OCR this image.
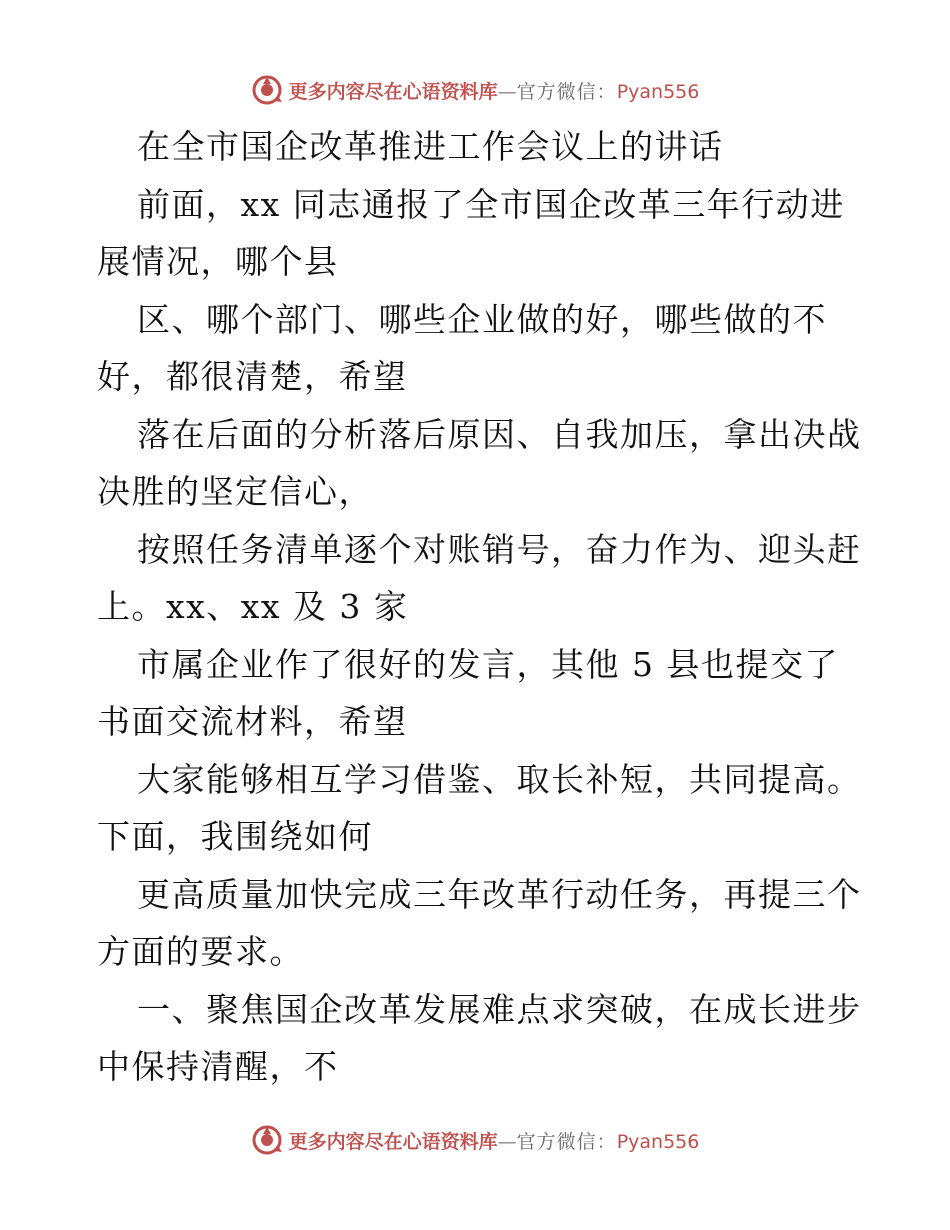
更多内容尽在心语资料库—官方微信：Pyan556
在全市国企改革推进工作会议上的讲话
前面，xx 同志通报了全市国企改革三年行动进
展情况，哪个县
区、哪个部门、哪些企业做的好，哪些做的不
好，都很清楚，希望
落在后面的分析落后原因、自我加压，拿出决战
决胜的坚定信心，
按照任务清单逐个对账销号，奋力作为、迎头赶
上。xx、xx 及 3 家
市属企业作了很好的发言，其他 5 县也提交了
书面交流材料，希望
大家能够相互学习借鉴、取长补短，共同提高。
下面，我围绕如何
更高质量加快完成三年改革行动任务，再提三个
方面的要求。
一、聚焦国企改革发展难点求突破，在成长进步
中保持清醒，不
更多内容尽在心语资料库—官方微信：Pyan556
